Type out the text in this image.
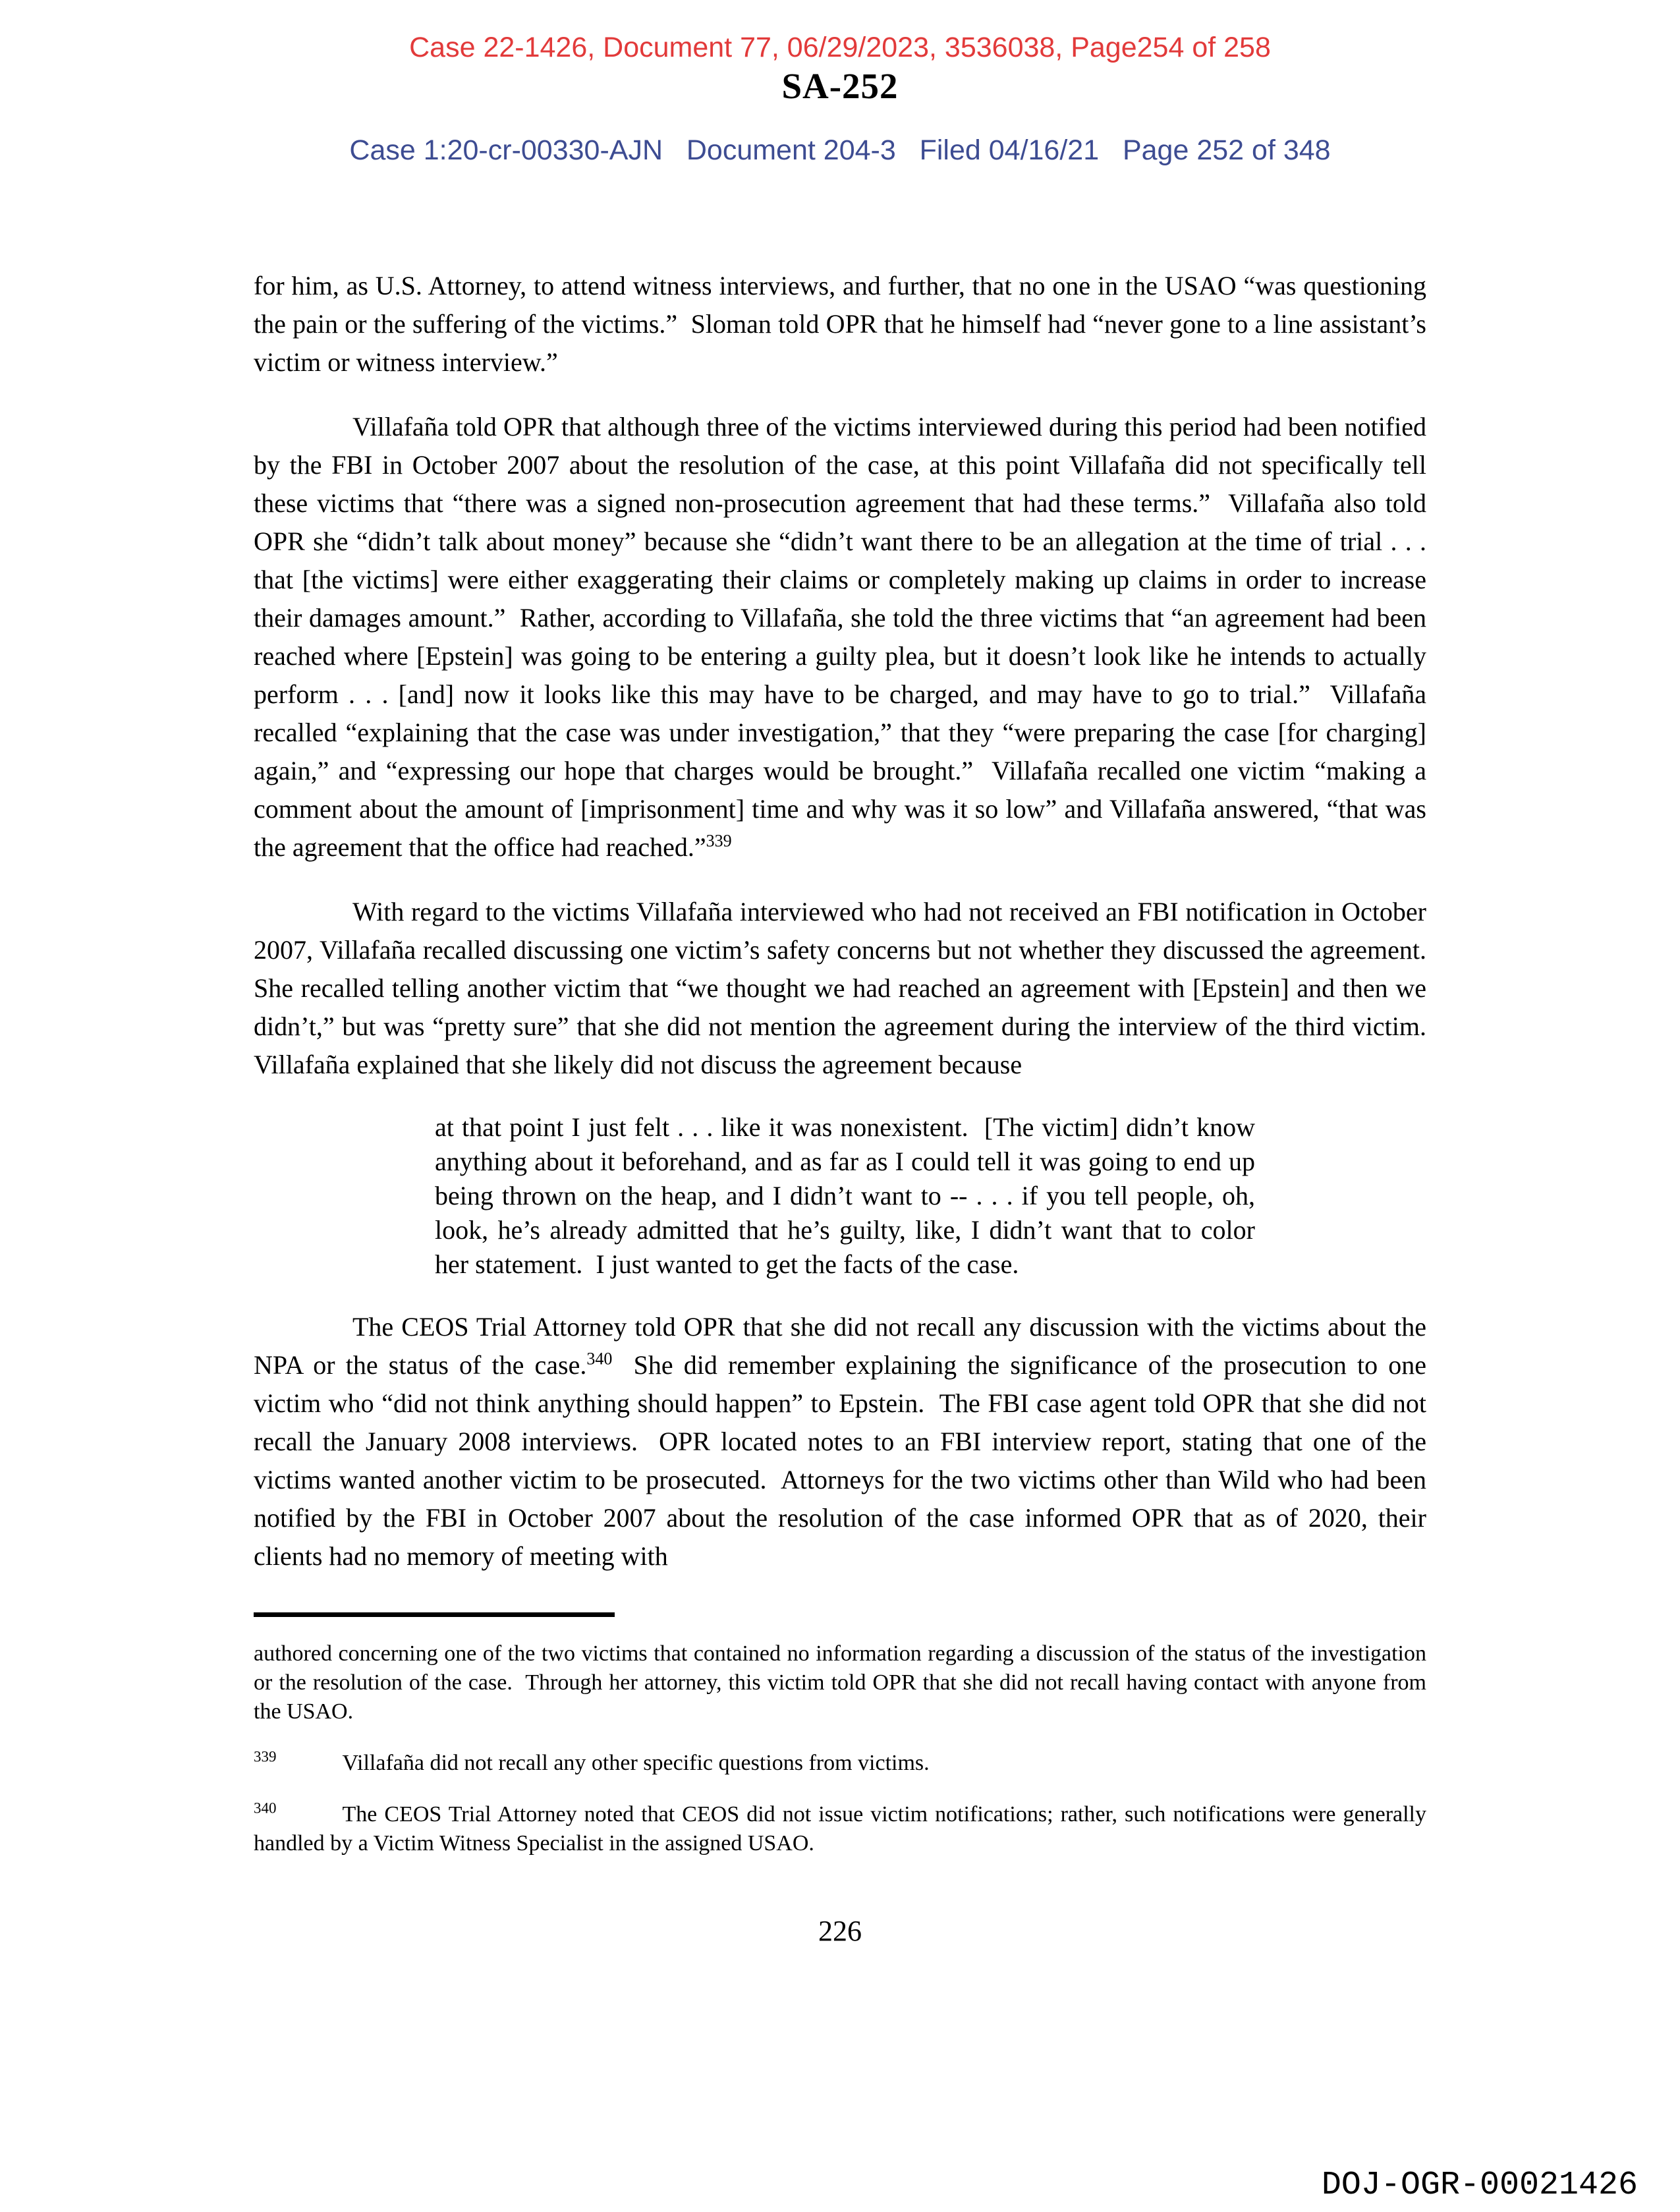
Case 22-1426, Document 77, 06/29/2023, 3536038, Page254 of 258
SA-252
Case 1:20-cr-00330-AJN   Document 204-3   Filed 04/16/21   Page 252 of 348

for him, as U.S. Attorney, to attend witness interviews, and further, that no one in the USAO “was questioning the pain or the suffering of the victims.”  Sloman told OPR that he himself had “never gone to a line assistant’s victim or witness interview.”

Villafaña told OPR that although three of the victims interviewed during this period had been notified by the FBI in October 2007 about the resolution of the case, at this point Villafaña did not specifically tell these victims that “there was a signed non-prosecution agreement that had these terms.”  Villafaña also told OPR she “didn’t talk about money” because she “didn’t want there to be an allegation at the time of trial . . . that [the victims] were either exaggerating their claims or completely making up claims in order to increase their damages amount.”  Rather, according to Villafaña, she told the three victims that “an agreement had been reached where [Epstein] was going to be entering a guilty plea, but it doesn’t look like he intends to actually perform . . . [and] now it looks like this may have to be charged, and may have to go to trial.”  Villafaña recalled “explaining that the case was under investigation,” that they “were preparing the case [for charging] again,” and “expressing our hope that charges would be brought.”  Villafaña recalled one victim “making a comment about the amount of [imprisonment] time and why was it so low” and Villafaña answered, “that was the agreement that the office had reached.”$^{339}$

With regard to the victims Villafaña interviewed who had not received an FBI notification in October 2007, Villafaña recalled discussing one victim’s safety concerns but not whether they discussed the agreement.  She recalled telling another victim that “we thought we had reached an agreement with [Epstein] and then we didn’t,” but was “pretty sure” that she did not mention the agreement during the interview of the third victim.  Villafaña explained that she likely did not discuss the agreement because

at that point I just felt . . . like it was nonexistent.  [The victim] didn’t know anything about it beforehand, and as far as I could tell it was going to end up being thrown on the heap, and I didn’t want to -- . . . if you tell people, oh, look, he’s already admitted that he’s guilty, like, I didn’t want that to color her statement.  I just wanted to get the facts of the case.

The CEOS Trial Attorney told OPR that she did not recall any discussion with the victims about the NPA or the status of the case.$^{340}$  She did remember explaining the significance of the prosecution to one victim who “did not think anything should happen” to Epstein.  The FBI case agent told OPR that she did not recall the January 2008 interviews.  OPR located notes to an FBI interview report, stating that one of the victims wanted another victim to be prosecuted.  Attorneys for the two victims other than Wild who had been notified by the FBI in October 2007 about the resolution of the case informed OPR that as of 2020, their clients had no memory of meeting with

authored concerning one of the two victims that contained no information regarding a discussion of the status of the investigation or the resolution of the case.  Through her attorney, this victim told OPR that she did not recall having contact with anyone from the USAO.

$^{339}$	Villafaña did not recall any other specific questions from victims.

$^{340}$	The CEOS Trial Attorney noted that CEOS did not issue victim notifications; rather, such notifications were generally handled by a Victim Witness Specialist in the assigned USAO.

226
DOJ-OGR-00021426
